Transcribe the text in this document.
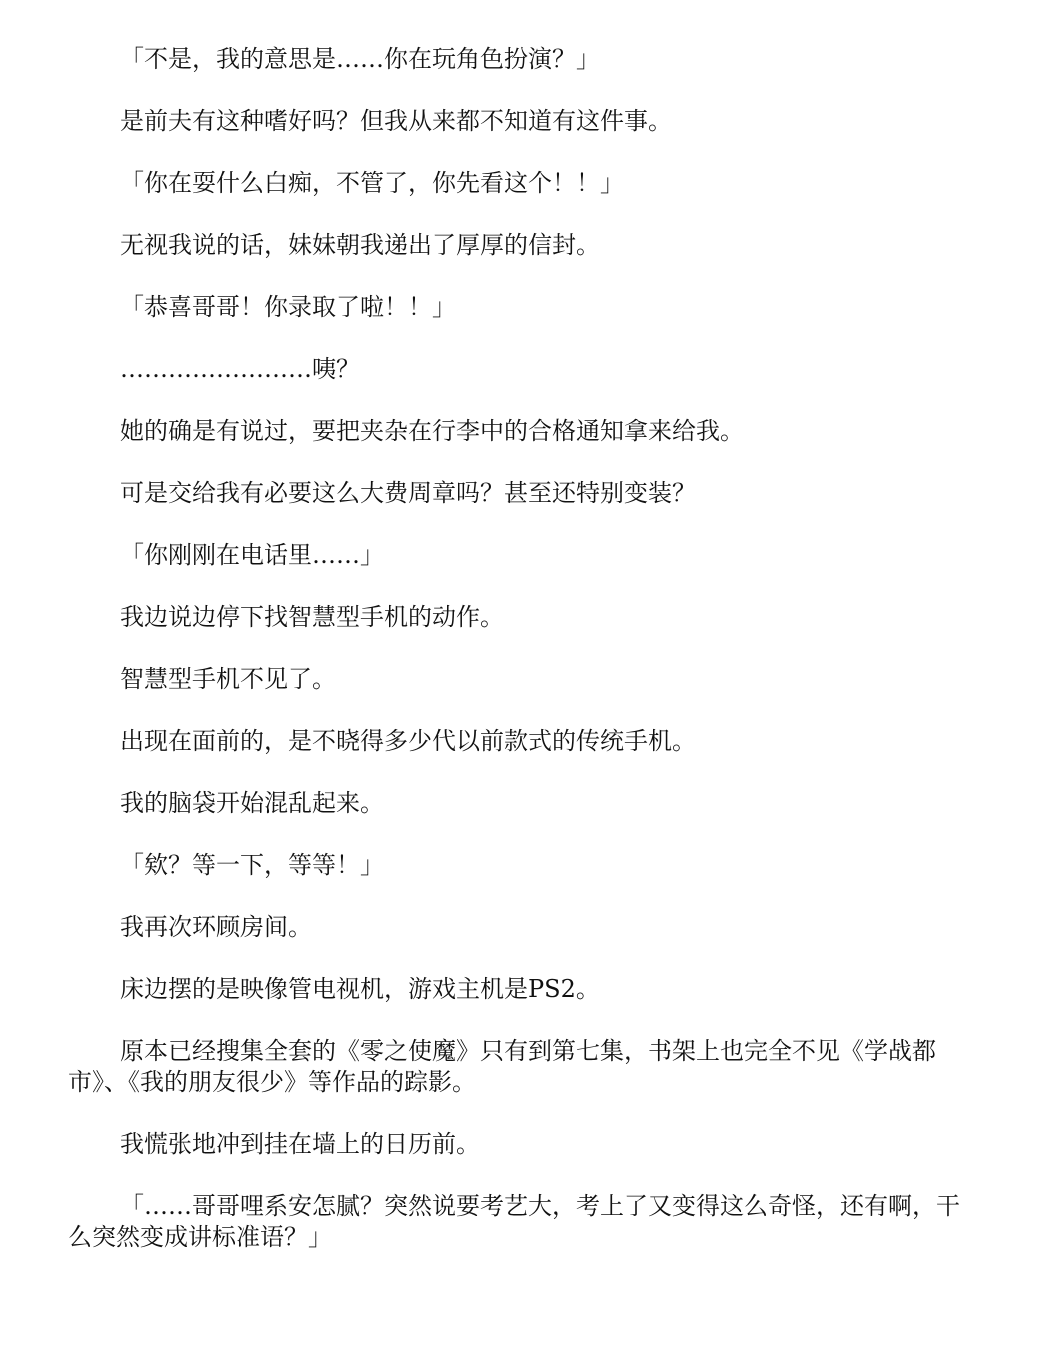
「不是，我的意思是……你在玩角色扮演？」

是前夫有这种嗜好吗？但我从来都不知道有这件事。

「你在耍什么白痴，不管了，你先看这个！！」

无视我说的话，妹妹朝我递出了厚厚的信封。

「恭喜哥哥！你录取了啦！！」

……………………咦？

她的确是有说过，要把夹杂在行李中的合格通知拿来给我。

可是交给我有必要这么大费周章吗？甚至还特别变装？

「你刚刚在电话里……」

我边说边停下找智慧型手机的动作。

智慧型手机不见了。

出现在面前的，是不晓得多少代以前款式的传统手机。

我的脑袋开始混乱起来。

「欸？等一下，等等！」

我再次环顾房间。

床边摆的是映像管电视机，游戏主机是PS2。

原本已经搜集全套的《零之使魔》只有到第七集，书架上也完全不见《学战都市》、《我的朋友很少》等作品的踪影。

我慌张地冲到挂在墙上的日历前。

「……哥哥哩系安怎腻？突然说要考艺大，考上了又变得这么奇怪，还有啊，干么突然变成讲标准语？」
